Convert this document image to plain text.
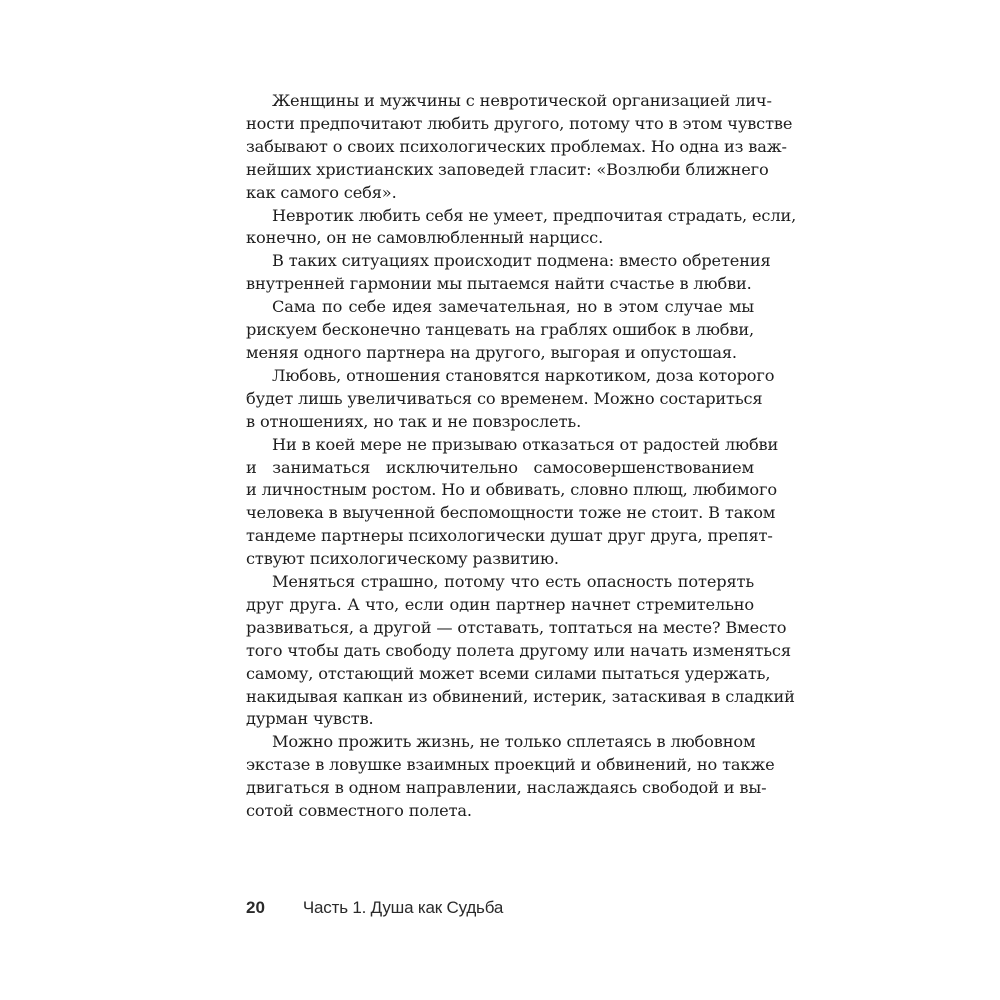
Женщины и мужчины с невротической организацией лич-
ности предпочитают любить другого, потому что в этом чувстве
забывают о своих психологических проблемах. Но одна из важ-
нейших христианских заповедей гласит: «Возлюби ближнего
как самого себя».

Невротик любить себя не умеет, предпочитая страдать, если,
конечно, он не самовлюбленный нарцисс.

В таких ситуациях происходит подмена: вместо обретения
внутренней гармонии мы пытаемся найти счастье в любви.

Сама по себе идея замечательная, но в этом случае мы
рискуем бесконечно танцевать на граблях ошибок в любви,
меняя одного партнера на другого, выгорая и опустошая.

Любовь, отношения становятся наркотиком, доза которого
будет лишь увеличиваться со временем. Можно состариться
в отношениях, но так и не повзрослеть.

Ни в коей мере не призываю отказаться от радостей любви
и заниматься исключительно самосовершенствованием
и личностным ростом. Но и обвивать, словно плющ, любимого
человека в выученной беспомощности тоже не стоит. В таком
тандеме партнеры психологически душат друг друга, препят-
ствуют психологическому развитию.

Меняться страшно, потому что есть опасность потерять
друг друга. А что, если один партнер начнет стремительно
развиваться, а другой — отставать, топтаться на месте? Вместо
того чтобы дать свободу полета другому или начать изменяться
самому, отстающий может всеми силами пытаться удержать,
накидывая капкан из обвинений, истерик, затаскивая в сладкий
дурман чувств.

Можно прожить жизнь, не только сплетаясь в любовном
экстазе в ловушке взаимных проекций и обвинений, но также
двигаться в одном направлении, наслаждаясь свободой и вы-
сотой совместного полета.

20 Часть 1. Душа как Судьба
